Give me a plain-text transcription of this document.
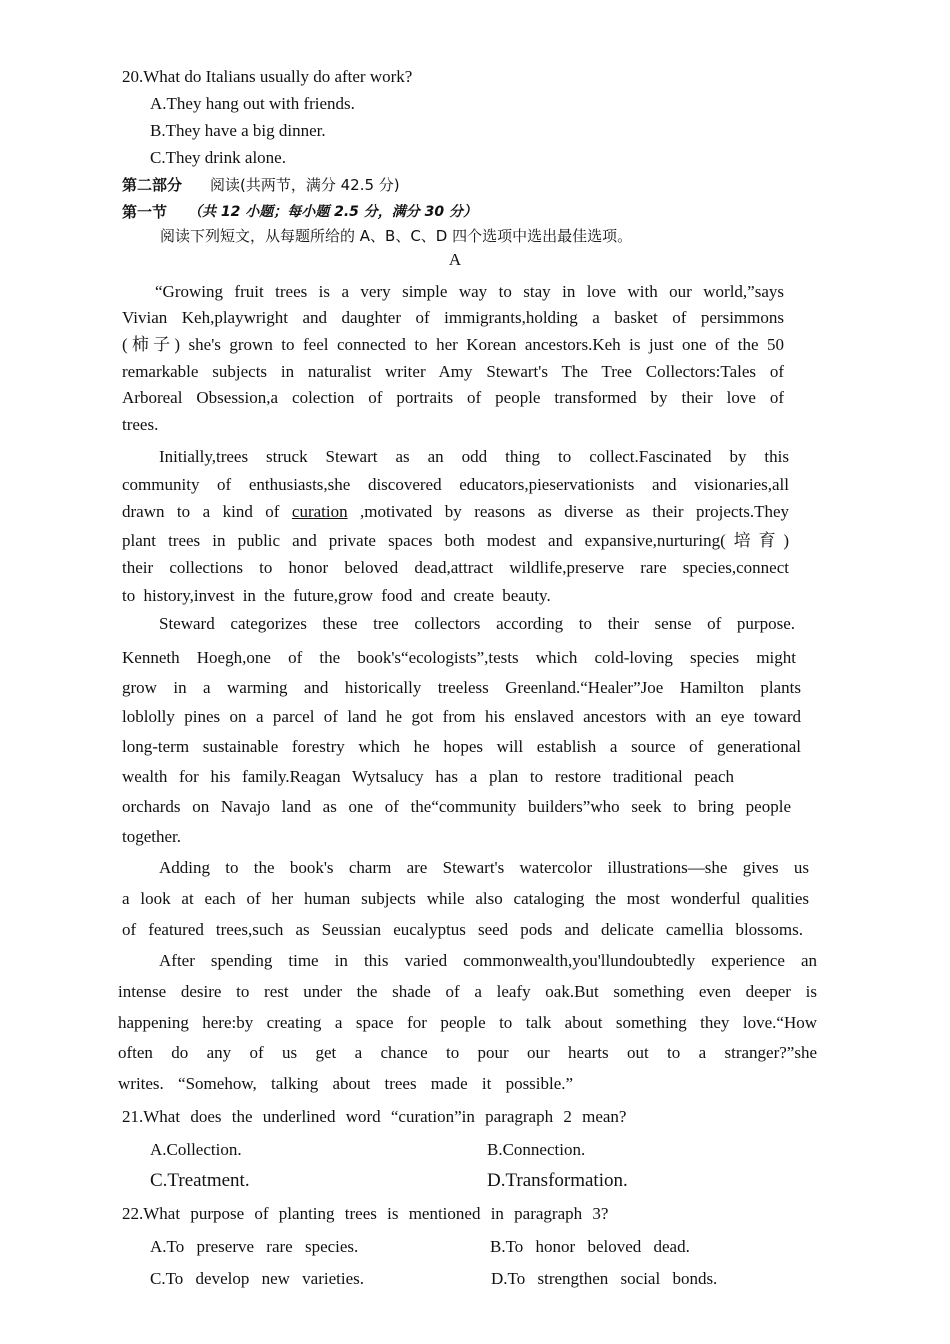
20.What do Italians usually do after work?
A.They hang out with friends.
B.They have a big dinner.
C.They drink alone.
第二部分 阅读(共两节，满分 42.5 分)
第一节 （共 12 小题；每小题 2.5 分，满分 30 分）
阅读下列短文，从每题所给的 A、B、C、D 四个选项中选出最佳选项。
A
“Growing fruit trees is a very simple way to stay in love with our world,”says
Vivian Keh,playwright and daughter of immigrants,holding a basket of persimmons
(柿子) she's grown to feel connected to her Korean ancestors.Keh is just one of the 50
remarkable subjects in naturalist writer Amy Stewart's The Tree Collectors:Tales of
Arboreal Obsession,a colection of portraits of people transformed by their love of
trees.
Initially,trees struck Stewart as an odd thing to collect.Fascinated by this
community of enthusiasts,she discovered educators,pieservationists and visionaries,all
drawn to a kind of curation ,motivated by reasons as diverse as their projects.They
plant trees in public and private spaces both modest and expansive,nurturing(培育)
their collections to honor beloved dead,attract wildlife,preserve rare species,connect
to history,invest in the future,grow food and create beauty.
Steward categorizes these tree collectors according to their sense of purpose.
Kenneth Hoegh,one of the book's“ecologists”,tests which cold-loving species might
grow in a warming and historically treeless Greenland.“Healer”Joe Hamilton plants
loblolly pines on a parcel of land he got from his enslaved ancestors with an eye toward
long-term sustainable forestry which he hopes will establish a source of generational
wealth for his family.Reagan Wytsalucy has a plan to restore traditional peach
orchards on Navajo land as one of the“community builders”who seek to bring people
together.
Adding to the book's charm are Stewart's watercolor illustrations—she gives us
a look at each of her human subjects while also cataloging the most wonderful qualities
of featured trees,such as Seussian eucalyptus seed pods and delicate camellia blossoms.
After spending time in this varied commonwealth,you'llundoubtedly experience an
intense desire to rest under the shade of a leafy oak.But something even deeper is
happening here:by creating a space for people to talk about something they love.“How
often do any of us get a chance to pour our hearts out to a stranger?”she
writes. “Somehow, talking about trees made it possible.”
21.What does the underlined word “curation”in paragraph 2 mean?
A.Collection.	B.Connection.
C.Treatment.	D.Transformation.
22.What purpose of planting trees is mentioned in paragraph 3?
A.To preserve rare species.	B.To honor beloved dead.
C.To develop new varieties.	D.To strengthen social bonds.
